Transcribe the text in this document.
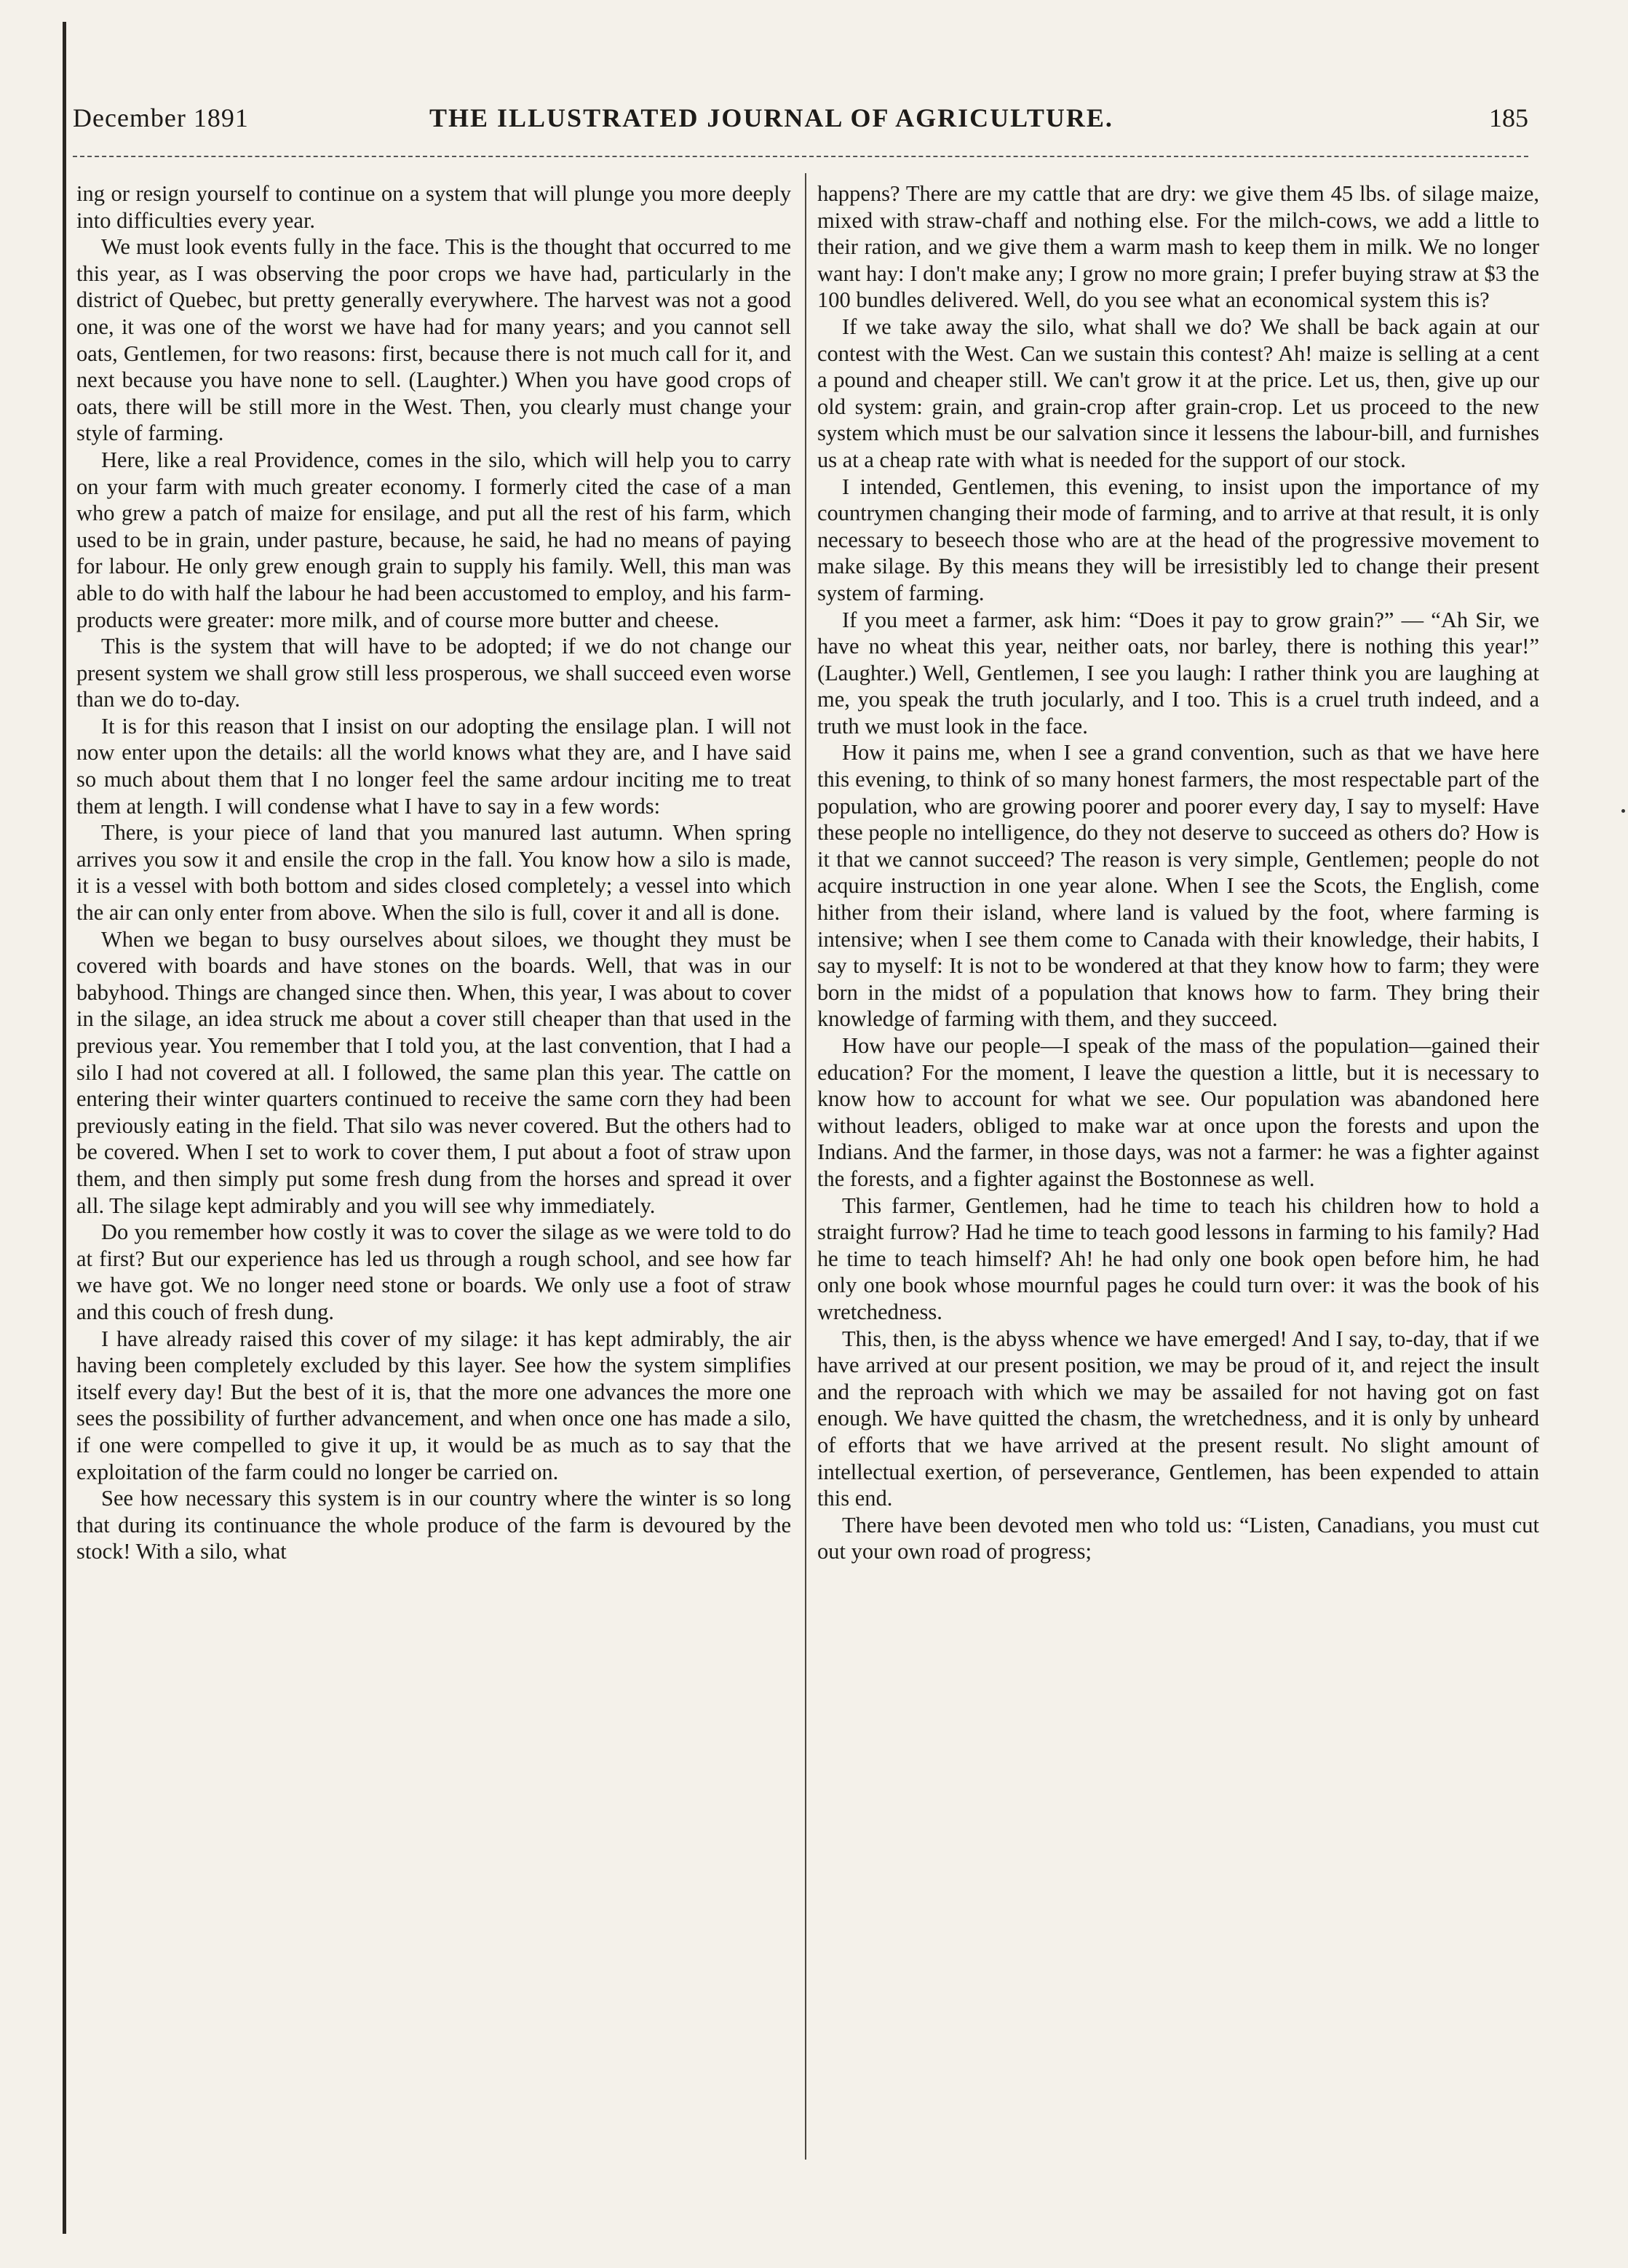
December 1891	THE ILLUSTRATED JOURNAL OF AGRICULTURE.	185

ing or resign yourself to continue on a system that will plunge you more deeply into difficulties every year.

We must look events fully in the face. This is the thought that occurred to me this year, as I was observing the poor crops we have had, particularly in the district of Quebec, but pretty generally everywhere. The harvest was not a good one, it was one of the worst we have had for many years; and you cannot sell oats, Gentlemen, for two reasons: first, because there is not much call for it, and next because you have none to sell. (Laughter.) When you have good crops of oats, there will be still more in the West. Then, you clearly must change your style of farming.

Here, like a real Providence, comes in the silo, which will help you to carry on your farm with much greater economy. I formerly cited the case of a man who grew a patch of maize for ensilage, and put all the rest of his farm, which used to be in grain, under pasture, because, he said, he had no means of paying for labour. He only grew enough grain to supply his family. Well, this man was able to do with half the labour he had been accustomed to employ, and his farm-products were greater: more milk, and of course more butter and cheese.

This is the system that will have to be adopted; if we do not change our present system we shall grow still less prosperous, we shall succeed even worse than we do to-day.

It is for this reason that I insist on our adopting the ensilage plan. I will not now enter upon the details: all the world knows what they are, and I have said so much about them that I no longer feel the same ardour inciting me to treat them at length. I will condense what I have to say in a few words:

There, is your piece of land that you manured last autumn. When spring arrives you sow it and ensile the crop in the fall. You know how a silo is made, it is a vessel with both bottom and sides closed completely; a vessel into which the air can only enter from above. When the silo is full, cover it and all is done.

When we began to busy ourselves about siloes, we thought they must be covered with boards and have stones on the boards. Well, that was in our babyhood. Things are changed since then. When, this year, I was about to cover in the silage, an idea struck me about a cover still cheaper than that used in the previous year. You remember that I told you, at the last convention, that I had a silo I had not covered at all. I followed, the same plan this year. The cattle on entering their winter quarters continued to receive the same corn they had been previously eating in the field. That silo was never covered. But the others had to be covered. When I set to work to cover them, I put about a foot of straw upon them, and then simply put some fresh dung from the horses and spread it over all. The silage kept admirably and you will see why immediately.

Do you remember how costly it was to cover the silage as we were told to do at first? But our experience has led us through a rough school, and see how far we have got. We no longer need stone or boards. We only use a foot of straw and this couch of fresh dung.

I have already raised this cover of my silage: it has kept admirably, the air having been completely excluded by this layer. See how the system simplifies itself every day! But the best of it is, that the more one advances the more one sees the possibility of further advancement, and when once one has made a silo, if one were compelled to give it up, it would be as much as to say that the exploitation of the farm could no longer be carried on.

See how necessary this system is in our country where the winter is so long that during its continuance the whole produce of the farm is devoured by the stock! With a silo, what

happens? There are my cattle that are dry: we give them 45 lbs. of silage maize, mixed with straw-chaff and nothing else. For the milch-cows, we add a little to their ration, and we give them a warm mash to keep them in milk. We no longer want hay: I don't make any; I grow no more grain; I prefer buying straw at $3 the 100 bundles delivered. Well, do you see what an economical system this is?

If we take away the silo, what shall we do? We shall be back again at our contest with the West. Can we sustain this contest? Ah! maize is selling at a cent a pound and cheaper still. We can't grow it at the price. Let us, then, give up our old system: grain, and grain-crop after grain-crop. Let us proceed to the new system which must be our salvation since it lessens the labour-bill, and furnishes us at a cheap rate with what is needed for the support of our stock.

I intended, Gentlemen, this evening, to insist upon the importance of my countrymen changing their mode of farming, and to arrive at that result, it is only necessary to beseech those who are at the head of the progressive movement to make silage. By this means they will be irresistibly led to change their present system of farming.

If you meet a farmer, ask him: “Does it pay to grow grain?” — “Ah Sir, we have no wheat this year, neither oats, nor barley, there is nothing this year!” (Laughter.) Well, Gentlemen, I see you laugh: I rather think you are laughing at me, you speak the truth jocularly, and I too. This is a cruel truth indeed, and a truth we must look in the face.

How it pains me, when I see a grand convention, such as that we have here this evening, to think of so many honest farmers, the most respectable part of the population, who are growing poorer and poorer every day, I say to myself: Have these people no intelligence, do they not deserve to succeed as others do? How is it that we cannot succeed? The reason is very simple, Gentlemen; people do not acquire instruction in one year alone. When I see the Scots, the English, come hither from their island, where land is valued by the foot, where farming is intensive; when I see them come to Canada with their knowledge, their habits, I say to myself: It is not to be wondered at that they know how to farm; they were born in the midst of a population that knows how to farm. They bring their knowledge of farming with them, and they succeed.

How have our people—I speak of the mass of the population—gained their education? For the moment, I leave the question a little, but it is necessary to know how to account for what we see. Our population was abandoned here without leaders, obliged to make war at once upon the forests and upon the Indians. And the farmer, in those days, was not a farmer: he was a fighter against the forests, and a fighter against the Bostonnese as well.

This farmer, Gentlemen, had he time to teach his children how to hold a straight furrow? Had he time to teach good lessons in farming to his family? Had he time to teach himself? Ah! he had only one book open before him, he had only one book whose mournful pages he could turn over: it was the book of his wretchedness.

This, then, is the abyss whence we have emerged! And I say, to-day, that if we have arrived at our present position, we may be proud of it, and reject the insult and the reproach with which we may be assailed for not having got on fast enough. We have quitted the chasm, the wretchedness, and it is only by unheard of efforts that we have arrived at the present result. No slight amount of intellectual exertion, of perseverance, Gentlemen, has been expended to attain this end.

There have been devoted men who told us: “Listen, Canadians, you must cut out your own road of progress;
